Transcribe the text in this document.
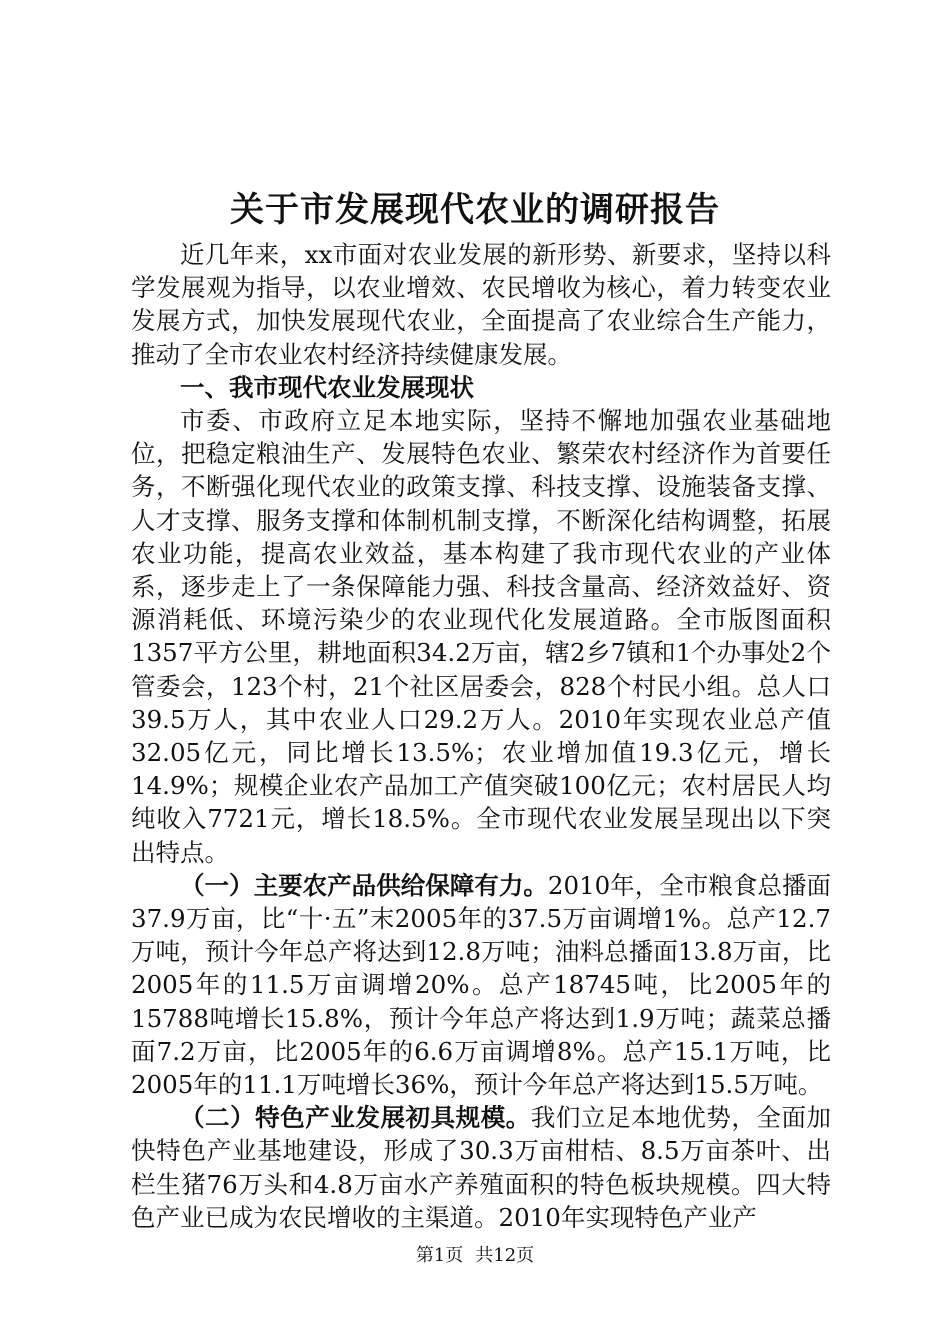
关于市发展现代农业的调研报告

近几年来，xx市面对农业发展的新形势、新要求，坚持以科学发展观为指导，以农业增效、农民增收为核心，着力转变农业发展方式，加快发展现代农业，全面提高了农业综合生产能力，推动了全市农业农村经济持续健康发展。

一、我市现代农业发展现状

市委、市政府立足本地实际，坚持不懈地加强农业基础地位，把稳定粮油生产、发展特色农业、繁荣农村经济作为首要任务，不断强化现代农业的政策支撑、科技支撑、设施装备支撑、人才支撑、服务支撑和体制机制支撑，不断深化结构调整，拓展农业功能，提高农业效益，基本构建了我市现代农业的产业体系，逐步走上了一条保障能力强、科技含量高、经济效益好、资源消耗低、环境污染少的农业现代化发展道路。全市版图面积1357平方公里，耕地面积34.2万亩，辖2乡7镇和1个办事处2个管委会，123个村，21个社区居委会，828个村民小组。总人口39.5万人，其中农业人口29.2万人。2010年实现农业总产值32.05亿元，同比增长13.5%；农业增加值19.3亿元，增长14.9%；规模企业农产品加工产值突破100亿元；农村居民人均纯收入7721元，增长18.5%。全市现代农业发展呈现出以下突出特点。

（一）主要农产品供给保障有力。2010年，全市粮食总播面37.9万亩，比“十·五”末2005年的37.5万亩调增1%。总产12.7万吨，预计今年总产将达到12.8万吨；油料总播面13.8万亩，比2005年的11.5万亩调增20%。总产18745吨，比2005年的15788吨增长15.8%，预计今年总产将达到1.9万吨；蔬菜总播面7.2万亩，比2005年的6.6万亩调增8%。总产15.1万吨，比2005年的11.1万吨增长36%，预计今年总产将达到15.5万吨。

（二）特色产业发展初具规模。我们立足本地优势，全面加快特色产业基地建设，形成了30.3万亩柑桔、8.5万亩茶叶、出栏生猪76万头和4.8万亩水产养殖面积的特色板块规模。四大特色产业已成为农民增收的主渠道。2010年实现特色产业产

第1页 共12页
